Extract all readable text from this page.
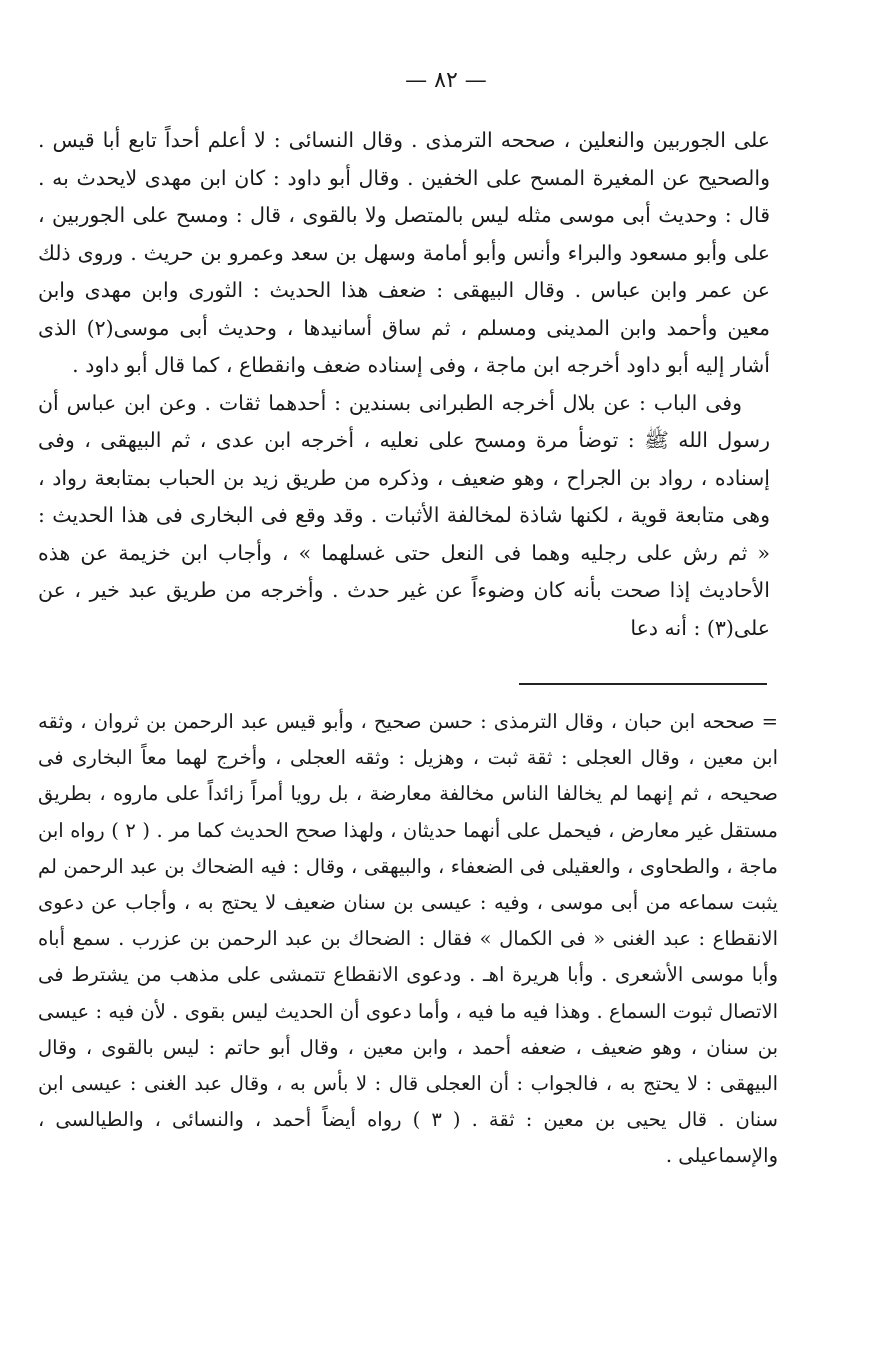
— ٨٢ —

على الجوربين والنعلين ، صححه الترمذى . وقال النسائى : لا أعلم أحداً تابع أبا قيس . والصحيح عن المغيرة المسح على الخفين . وقال أبو داود : كان ابن مهدى لايحدث به . قال : وحديث أبى موسى مثله ليس بالمتصل ولا بالقوى ، قال : ومسح على الجوربين ، على وأبو مسعود والبراء وأنس وأبو أمامة وسهل بن سعد وعمرو بن حريث . وروى ذلك عن عمر وابن عباس . وقال البيهقى : ضعف هذا الحديث : الثورى وابن مهدى وابن معين وأحمد وابن المدينى ومسلم ، ثم ساق أسانيدها ، وحديث أبى موسى(٢) الذى أشار إليه أبو داود أخرجه ابن ماجة ، وفى إسناده ضعف وانقطاع ، كما قال أبو داود .

وفى الباب : عن بلال أخرجه الطبرانى بسندين : أحدهما ثقات . وعن ابن عباس أن رسول الله ﷺ : توضأ مرة ومسح على نعليه ، أخرجه ابن عدى ، ثم البيهقى ، وفى إسناده ، رواد بن الجراح ، وهو ضعيف ، وذكره من طريق زيد بن الحباب بمتابعة رواد ، وهى متابعة قوية ، لكنها شاذة لمخالفة الأثبات . وقد وقع فى البخارى فى هذا الحديث : « ثم رش على رجليه وهما فى النعل حتى غسلهما » ، وأجاب ابن خزيمة عن هذه الأحاديث إذا صحت بأنه كان وضوءاً عن غير حدث . وأخرجه من طريق عبد خير ، عن على(٣) : أنه دعا

= صححه ابن حبان ، وقال الترمذى : حسن صحيح ، وأبو قيس عبد الرحمن بن ثروان ، وثقه ابن معين ، وقال العجلى : ثقة ثبت ، وهزيل : وثقه العجلى ، وأخرج لهما معاً البخارى فى صحيحه ، ثم إنهما لم يخالفا الناس مخالفة معارضة ، بل رويا أمراً زائداً على ماروه ، بطريق مستقل غير معارض ، فيحمل على أنهما حديثان ، ولهذا صحح الحديث كما مر . ( ٢ ) رواه ابن ماجة ، والطحاوى ، والعقيلى فى الضعفاء ، والبيهقى ، وقال : فيه الضحاك بن عبد الرحمن لم يثبت سماعه من أبى موسى ، وفيه : عيسى بن سنان ضعيف لا يحتج به ، وأجاب عن دعوى الانقطاع : عبد الغنى « فى الكمال » فقال : الضحاك بن عبد الرحمن بن عزرب . سمع أباه وأبا موسى الأشعرى . وأبا هريرة اهـ . ودعوى الانقطاع تتمشى على مذهب من يشترط فى الاتصال ثبوت السماع . وهذا فيه ما فيه ، وأما دعوى أن الحديث ليس بقوى . لأن فيه : عيسى بن سنان ، وهو ضعيف ، ضعفه أحمد ، وابن معين ، وقال أبو حاتم : ليس بالقوى ، وقال البيهقى : لا يحتج به ، فالجواب : أن العجلى قال : لا بأس به ، وقال عبد الغنى : عيسى ابن سنان . قال يحيى بن معين : ثقة . ( ٣ ) رواه أيضاً أحمد ، والنسائى ، والطيالسى ، والإسماعيلى .
